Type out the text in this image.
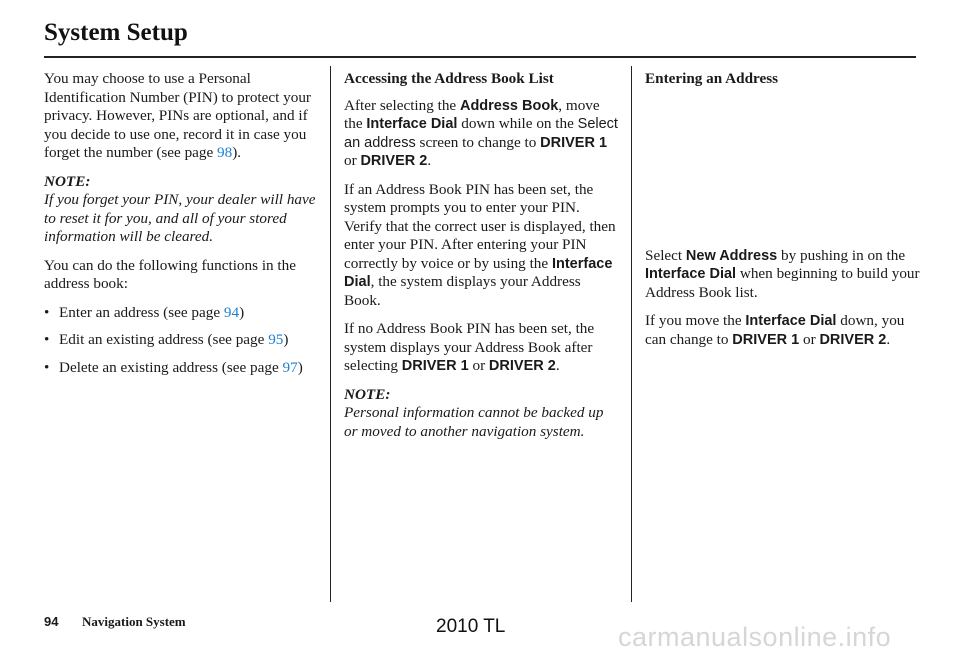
System Setup

You may choose to use a Personal Identification Number (PIN) to protect your privacy. However, PINs are optional, and if you decide to use one, record it in case you forget the number (see page 98).

NOTE:

If you forget your PIN, your dealer will have to reset it for you, and all of your stored information will be cleared.

You can do the following functions in the address book:

• Enter an address (see page 94)
• Edit an existing address (see page 95)
• Delete an existing address (see page 97)

Accessing the Address Book List

After selecting the Address Book, move the Interface Dial down while on the Select an address screen to change to DRIVER 1 or DRIVER 2.

If an Address Book PIN has been set, the system prompts you to enter your PIN. Verify that the correct user is displayed, then enter your PIN. After entering your PIN correctly by voice or by using the Interface Dial, the system displays your Address Book.

If no Address Book PIN has been set, the system displays your Address Book after selecting DRIVER 1 or DRIVER 2.

NOTE:

Personal information cannot be backed up or moved to another navigation system.

Entering an Address

Select New Address by pushing in on the Interface Dial when beginning to build your Address Book list.

If you move the Interface Dial down, you can change to DRIVER 1 or DRIVER 2.

94 Navigation System	2010 TL	carmanualsonline.info
